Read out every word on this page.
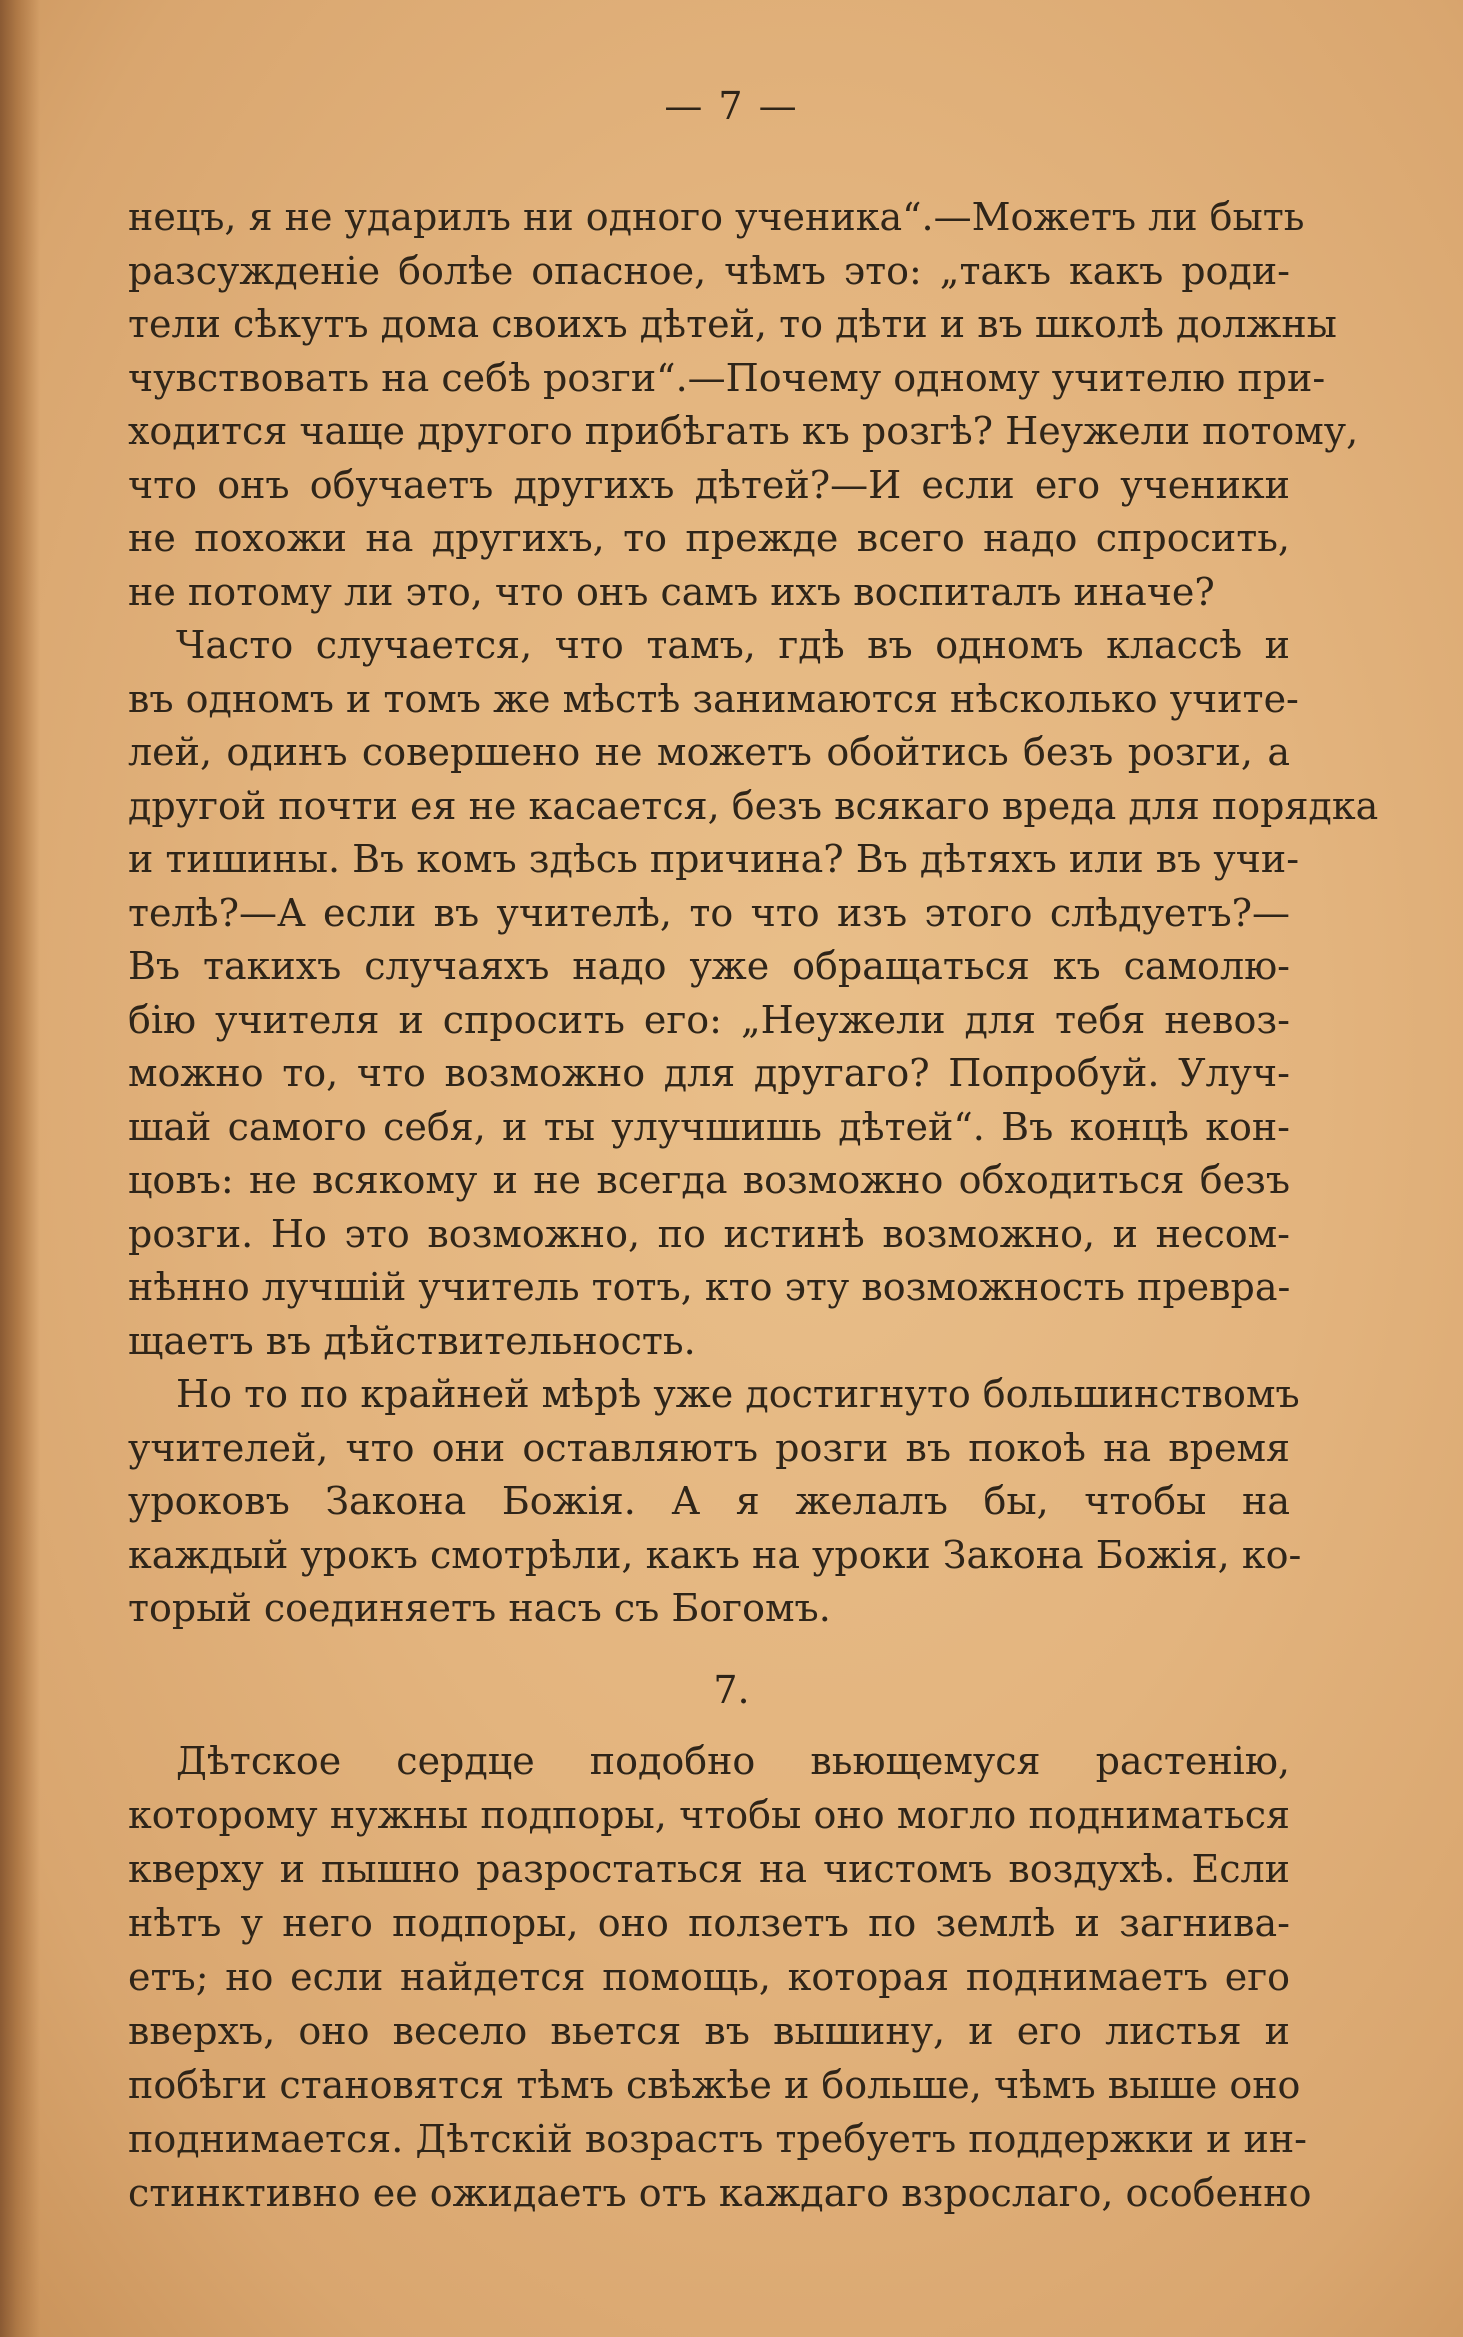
— 7 —
нецъ, я не ударилъ ни одного ученика“.—Можетъ ли быть
разсужденіе болѣе опасное, чѣмъ это: „такъ какъ роди-
тели сѣкутъ дома своихъ дѣтей, то дѣти и въ школѣ должны
чувствовать на себѣ розги“.—Почему одному учителю при-
ходится чаще другого прибѣгать къ розгѣ? Неужели потому,
что онъ обучаетъ другихъ дѣтей?—И если его ученики
не похожи на другихъ, то прежде всего надо спросить,
не потому ли это, что онъ самъ ихъ воспиталъ иначе?
Часто случается, что тамъ, гдѣ въ одномъ классѣ и
въ одномъ и томъ же мѣстѣ занимаются нѣсколько учите-
лей, одинъ совершено не можетъ обойтись безъ розги, а
другой почти ея не касается, безъ всякаго вреда для порядка
и тишины. Въ комъ здѣсь причина? Въ дѣтяхъ или въ учи-
телѣ?—А если въ учителѣ, то что изъ этого слѣдуетъ?—
Въ такихъ случаяхъ надо уже обращаться къ самолю-
бію учителя и спросить его: „Неужели для тебя невоз-
можно то, что возможно для другаго? Попробуй. Улуч-
шай самого себя, и ты улучшишь дѣтей“. Въ концѣ кон-
цовъ: не всякому и не всегда возможно обходиться безъ
розги. Но это возможно, по истинѣ возможно, и несом-
нѣнно лучшій учитель тотъ, кто эту возможность превра-
щаетъ въ дѣйствительность.
Но то по крайней мѣрѣ уже достигнуто большинствомъ
учителей, что они оставляютъ розги въ покоѣ на время
уроковъ Закона Божія. А я желалъ бы, чтобы на
каждый урокъ смотрѣли, какъ на уроки Закона Божія, ко-
торый соединяетъ насъ съ Богомъ.
7.
Дѣтское сердце подобно вьющемуся растенію,
которому нужны подпоры, чтобы оно могло подниматься
кверху и пышно разростаться на чистомъ воздухѣ. Если
нѣтъ у него подпоры, оно ползетъ по землѣ и загнива-
етъ; но если найдется помощь, которая поднимаетъ его
вверхъ, оно весело вьется въ вышину, и его листья и
побѣги становятся тѣмъ свѣжѣе и больше, чѣмъ выше оно
поднимается. Дѣтскій возрастъ требуетъ поддержки и ин-
стинктивно ее ожидаетъ отъ каждаго взрослаго, особенно
